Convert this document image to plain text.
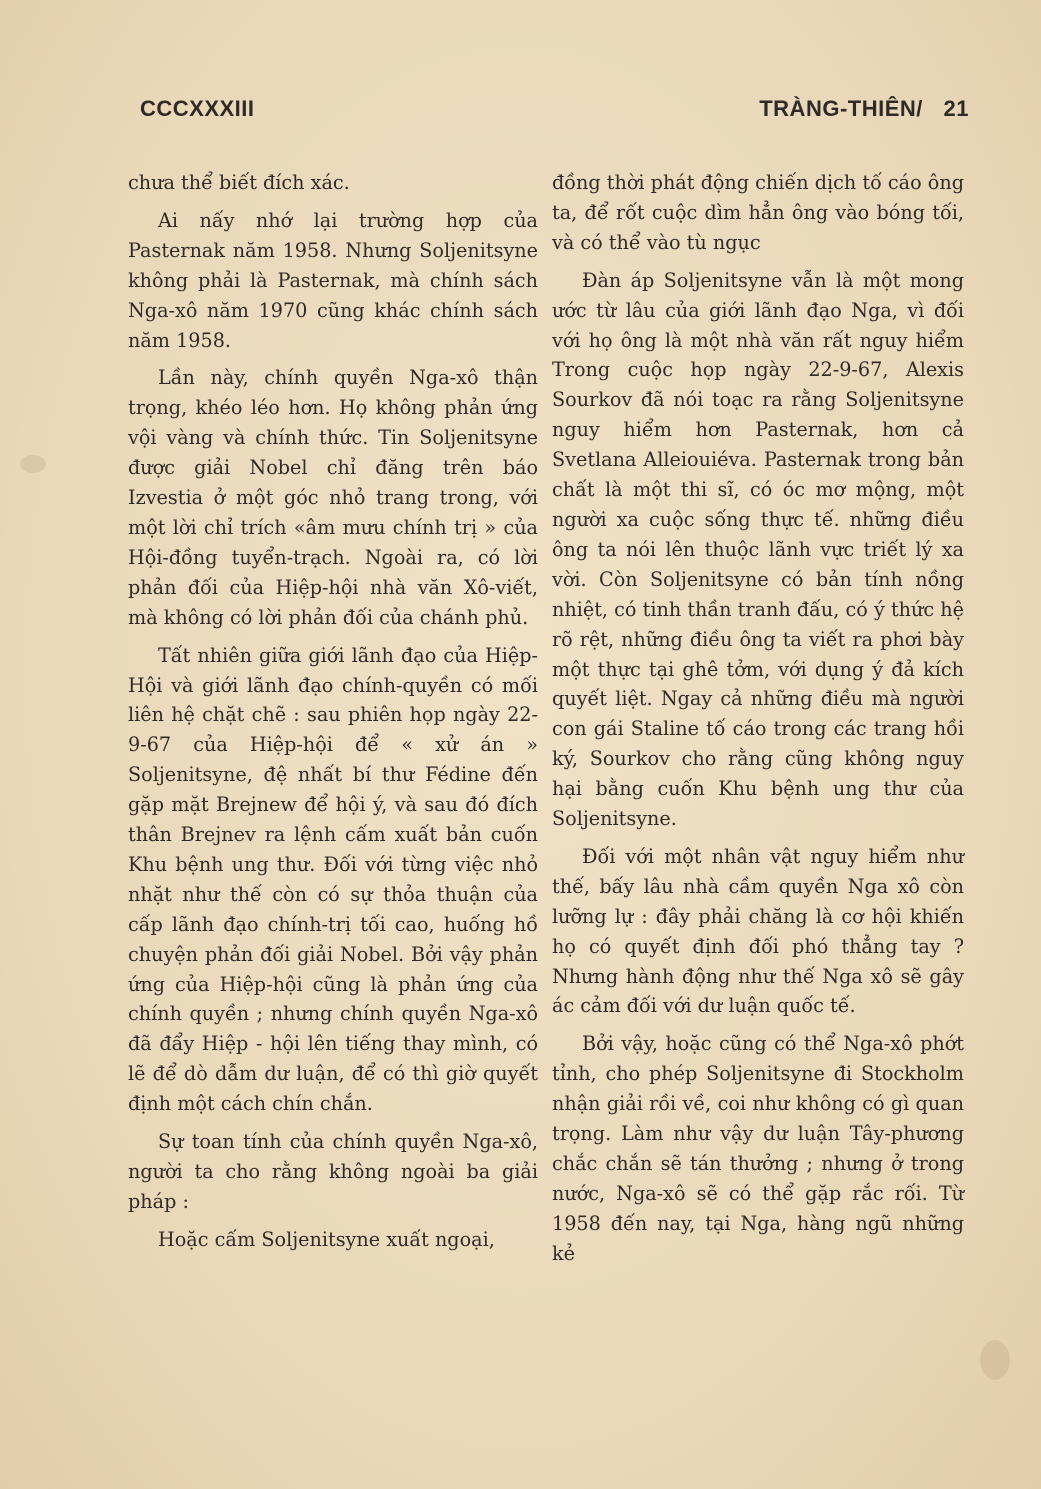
CCCXXXIII	TRÀNG-THIÊN/ 21

chưa thể biết đích xác.

Ai nấy nhớ lại trường hợp của Pasternak năm 1958. Nhưng Soljenitsyne không phải là Pasternak, mà chính sách Nga-xô năm 1970 cũng khác chính sách năm 1958.

Lần này, chính quyền Nga-xô thận trọng, khéo léo hơn. Họ không phản ứng vội vàng và chính thức. Tin Soljenitsyne được giải Nobel chỉ đăng trên báo Izvestia ở một góc nhỏ trang trong, với một lời chỉ trích «âm mưu chính trị » của Hội-đồng tuyển-trạch. Ngoài ra, có lời phản đối của Hiệp-hội nhà văn Xô-viết, mà không có lời phản đối của chánh phủ.

Tất nhiên giữa giới lãnh đạo của Hiệp-Hội và giới lãnh đạo chính-quyền có mối liên hệ chặt chẽ : sau phiên họp ngày 22-9-67 của Hiệp-hội để « xử án » Soljenitsyne, đệ nhất bí thư Fédine đến gặp mặt Brejnew để hội ý, và sau đó đích thân Brejnev ra lệnh cấm xuất bản cuốn Khu bệnh ung thư. Đối với từng việc nhỏ nhặt như thế còn có sự thỏa thuận của cấp lãnh đạo chính-trị tối cao, huống hồ chuyện phản đối giải Nobel. Bởi vậy phản ứng của Hiệp-hội cũng là phản ứng của chính quyền ; nhưng chính quyền Nga-xô đã đẩy Hiệp - hội lên tiếng thay mình, có lẽ để dò dẫm dư luận, để có thì giờ quyết định một cách chín chắn.

Sự toan tính của chính quyền Nga-xô, người ta cho rằng không ngoài ba giải pháp :

Hoặc cấm Soljenitsyne xuất ngoại,

đồng thời phát động chiến dịch tố cáo ông ta, để rốt cuộc dìm hẳn ông vào bóng tối, và có thể vào tù ngục

Đàn áp Soljenitsyne vẫn là một mong ước từ lâu của giới lãnh đạo Nga, vì đối với họ ông là một nhà văn rất nguy hiểm Trong cuộc họp ngày 22-9-67, Alexis Sourkov đã nói toạc ra rằng Soljenitsyne nguy hiểm hơn Pasternak, hơn cả Svetlana Alleiouiéva. Pasternak trong bản chất là một thi sĩ, có óc mơ mộng, một người xa cuộc sống thực tế. những điều ông ta nói lên thuộc lãnh vực triết lý xa vời. Còn Soljenitsyne có bản tính nồng nhiệt, có tinh thần tranh đấu, có ý thức hệ rõ rệt, những điều ông ta viết ra phơi bày một thực tại ghê tởm, với dụng ý đả kích quyết liệt. Ngay cả những điều mà người con gái Staline tố cáo trong các trang hồi ký, Sourkov cho rằng cũng không nguy hại bằng cuốn Khu bệnh ung thư của Soljenitsyne.

Đối với một nhân vật nguy hiểm như thế, bấy lâu nhà cầm quyền Nga xô còn lưỡng lự : đây phải chăng là cơ hội khiến họ có quyết định đối phó thẳng tay ? Nhưng hành động như thế Nga xô sẽ gây ác cảm đối với dư luận quốc tế.

Bởi vậy, hoặc cũng có thể Nga-xô phớt tỉnh, cho phép Soljenitsyne đi Stockholm nhận giải rồi về, coi như không có gì quan trọng. Làm như vậy dư luận Tây-phương chắc chắn sẽ tán thưởng ; nhưng ở trong nước, Nga-xô sẽ có thể gặp rắc rối. Từ 1958 đến nay, tại Nga, hàng ngũ những kẻ
